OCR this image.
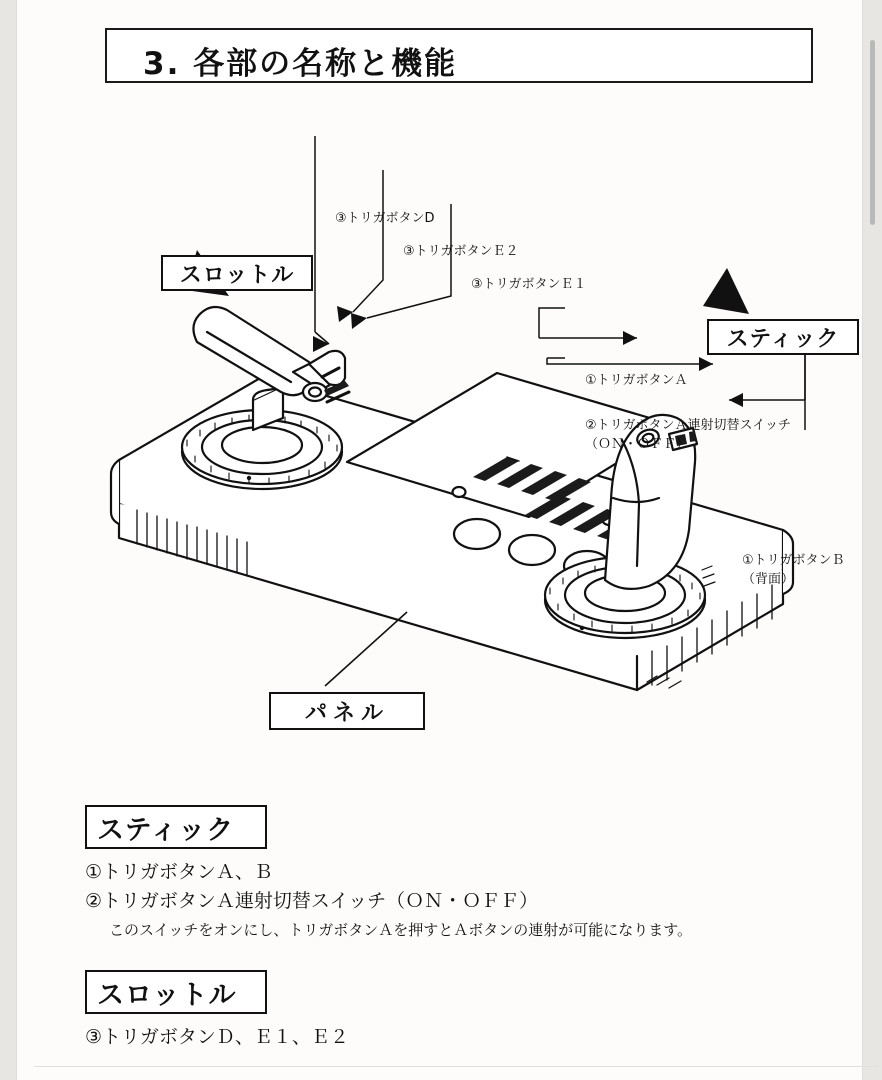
3. 各部の名称と機能
スロットル
スティック
パネル
③トリガボタンD
③トリガボタンＥ２
③トリガボタンＥ１
①トリガボタンＡ
②トリガボタンＡ連射切替スイッチ
（ＯＮ・ＯＦＦ）
①トリガボタンＢ
（背面）
スティック
①トリガボタンＡ、Ｂ
②トリガボタンＡ連射切替スイッチ（ＯＮ・ＯＦＦ）
このスイッチをオンにし、トリガボタンＡを押すとＡボタンの連射が可能になります。
スロットル
③トリガボタンＤ、Ｅ１、Ｅ２
